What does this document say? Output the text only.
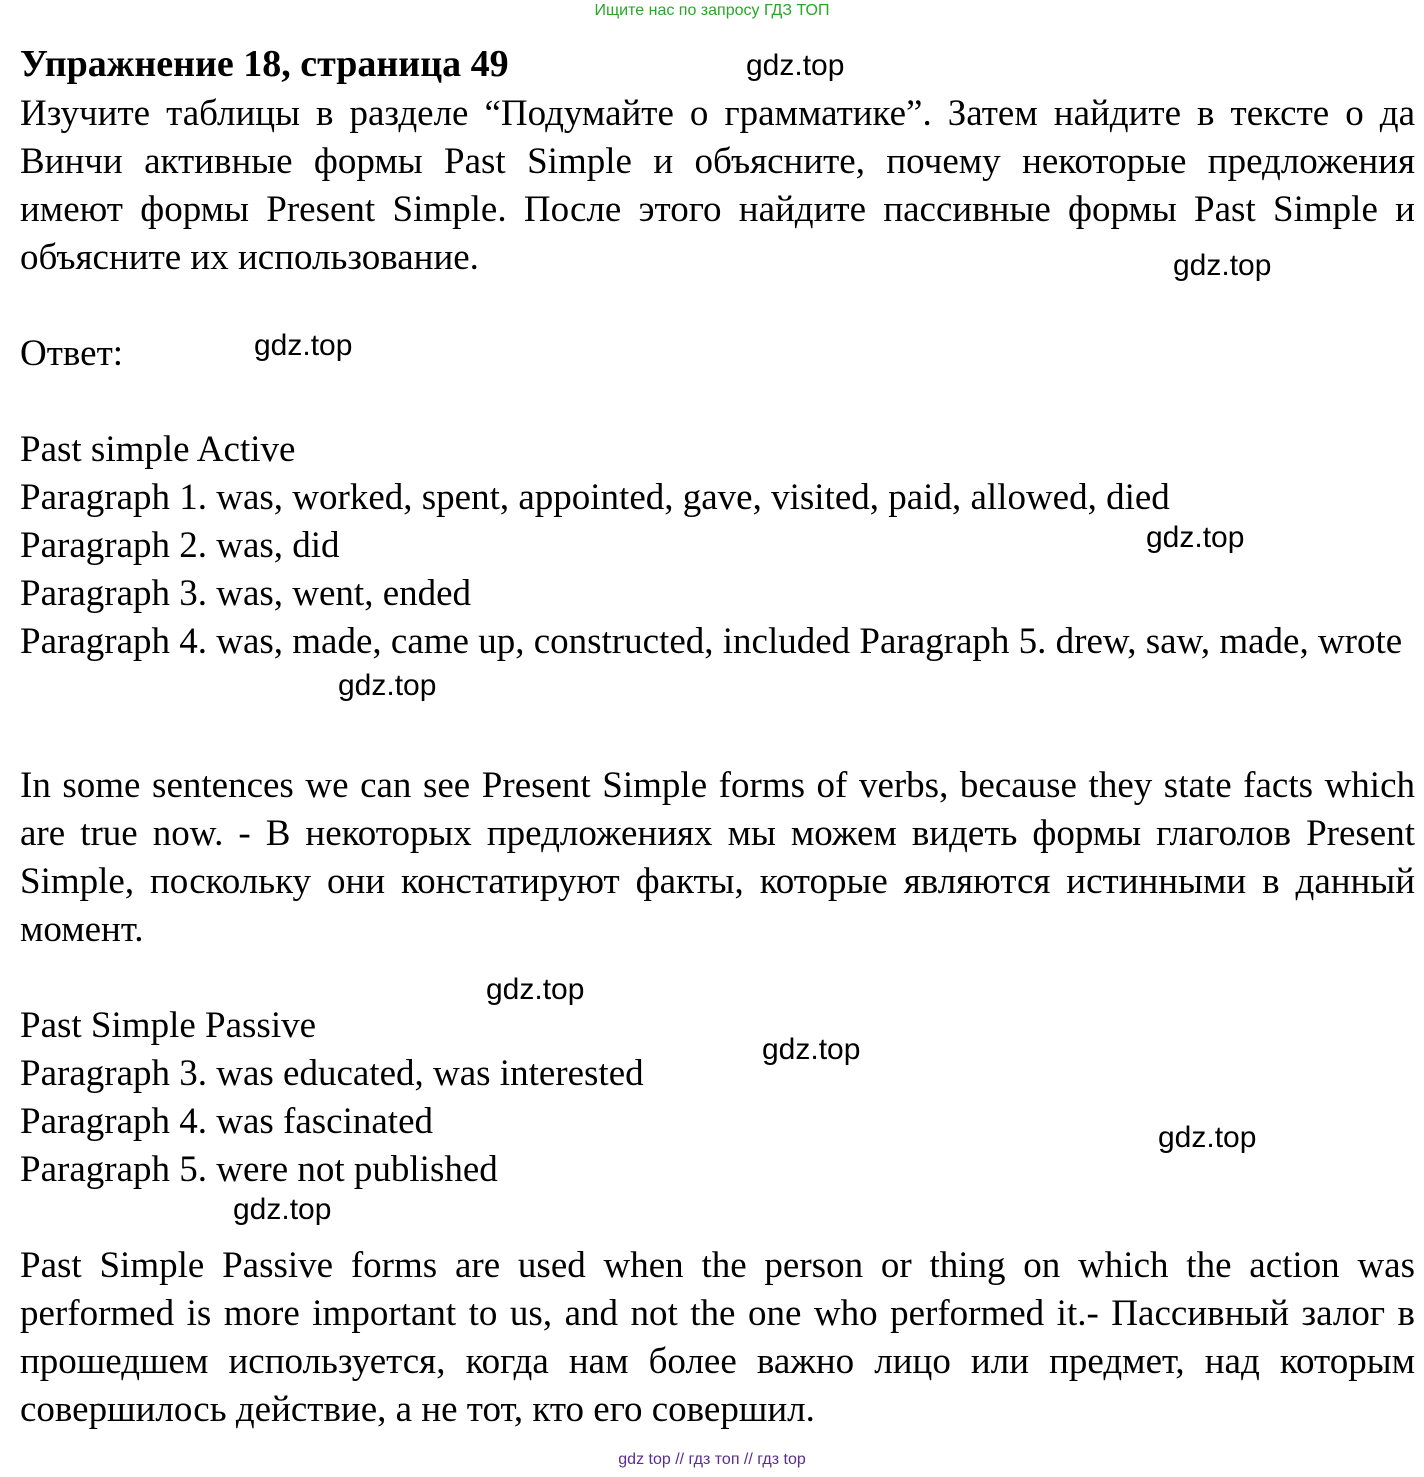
Ищите нас по запросу ГДЗ ТОП
Упражнение 18, страница 49	gdz.top
Изучите таблицы в разделе “Подумайте о грамматике”. Затем найдите в тексте о да Винчи активные формы Past Simple и объясните, почему некоторые предложения имеют формы Present Simple. После этого найдите пассивные формы Past Simple и объясните их использование.	gdz.top
Ответ:	gdz.top
Past simple Active
Paragraph 1. was, worked, spent, appointed, gave, visited, paid, allowed, died
Paragraph 2. was, did
Paragraph 3. was, went, ended
gdz.top
Paragraph 4. was, made, came up, constructed, included Paragraph 5. drew, saw, made, wrote
gdz.top
In some sentences we can see Present Simple forms of verbs, because they state facts which are true now. - В некоторых предложениях мы можем видеть формы глаголов Present Simple, поскольку они констатируют факты, которые являются истинными в данный момент.
gdz.top
Past Simple Passive
Paragraph 3. was educated, was interested
Paragraph 4. was fascinated
Paragraph 5. were not published
gdz.top
gdz.top
gdz.top
Past Simple Passive forms are used when the person or thing on which the action was performed is more important to us, and not the one who performed it.- Пассивный залог в прошедшем используется, когда нам более важно лицо или предмет, над которым совершилось действие, а не тот, кто его совершил.
gdz top // гдз топ // гдз top
